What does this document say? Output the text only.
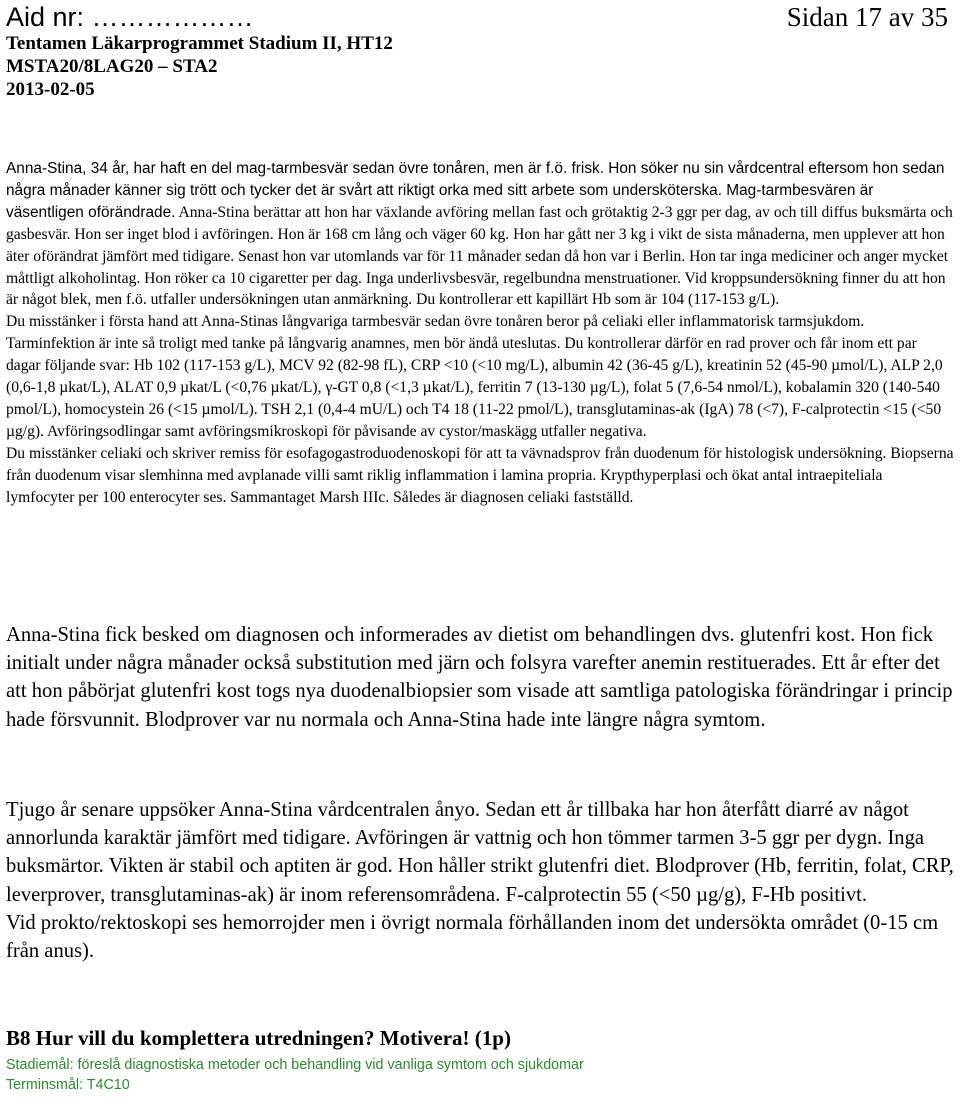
Aid nr: ………………	Sidan 17 av 35
Tentamen Läkarprogrammet Stadium II, HT12
MSTA20/8LAG20 – STA2
2013-02-05

Anna-Stina, 34 år, har haft en del mag-tarmbesvär sedan övre tonåren, men är f.ö. frisk. Hon söker nu sin vårdcentral eftersom hon sedan några månader känner sig trött och tycker det är svårt att riktigt orka med sitt arbete som undersköterska. Mag-tarmbesvären är väsentligen oförändrade. Anna-Stina berättar att hon har växlande avföring mellan fast och grötaktig 2-3 ggr per dag, av och till diffus buksmärta och gasbesvär. Hon ser inget blod i avföringen. Hon är 168 cm lång och väger 60 kg. Hon har gått ner 3 kg i vikt de sista månaderna, men upplever att hon äter oförändrat jämfört med tidigare. Senast hon var utomlands var för 11 månader sedan då hon var i Berlin. Hon tar inga mediciner och anger mycket måttligt alkoholintag. Hon röker ca 10 cigaretter per dag. Inga underlivsbesvär, regelbundna menstruationer. Vid kroppsundersökning finner du att hon är något blek, men f.ö. utfaller undersökningen utan anmärkning. Du kontrollerar ett kapillärt Hb som är 104 (117-153 g/L).

Du misstänker i första hand att Anna-Stinas långvariga tarmbesvär sedan övre tonåren beror på celiaki eller inflammatorisk tarmsjukdom. Tarminfektion är inte så troligt med tanke på långvarig anamnes, men bör ändå uteslutas. Du kontrollerar därför en rad prover och får inom ett par dagar följande svar: Hb 102 (117-153 g/L), MCV 92 (82-98 fL), CRP <10 (<10 mg/L), albumin 42 (36-45 g/L), kreatinin 52 (45-90 µmol/L), ALP 2,0 (0,6-1,8 µkat/L), ALAT 0,9 µkat/L (<0,76 µkat/L), γ-GT 0,8 (<1,3 µkat/L), ferritin 7 (13-130 µg/L), folat 5 (7,6-54 nmol/L), kobalamin 320 (140-540 pmol/L), homocystein 26 (<15 µmol/L). TSH 2,1 (0,4-4 mU/L) och T4 18 (11-22 pmol/L), transglutaminas-ak (IgA) 78 (<7), F-calprotectin <15 (<50 µg/g). Avföringsodlingar samt avföringsmikroskopi för påvisande av cystor/maskägg utfaller negativa.

Du misstänker celiaki och skriver remiss för esofagogastroduodenoskopi för att ta vävnadsprov från duodenum för histologisk undersökning. Biopserna från duodenum visar slemhinna med avplanade villi samt riklig inflammation i lamina propria. Krypthyperplasi och ökat antal intraepiteliala lymfocyter per 100 enterocyter ses. Sammantaget Marsh IIIc. Således är diagnosen celiaki fastställd.

Anna-Stina fick besked om diagnosen och informerades av dietist om behandlingen dvs. glutenfri kost. Hon fick initialt under några månader också substitution med järn och folsyra varefter anemin restituerades. Ett år efter det att hon påbörjat glutenfri kost togs nya duodenalbiopsier som visade att samtliga patologiska förändringar i princip hade försvunnit. Blodprover var nu normala och Anna-Stina hade inte längre några symtom.

Tjugo år senare uppsöker Anna-Stina vårdcentralen ånyo. Sedan ett år tillbaka har hon återfått diarré av något annorlunda karaktär jämfört med tidigare. Avföringen är vattnig och hon tömmer tarmen 3-5 ggr per dygn. Inga buksmärtor. Vikten är stabil och aptiten är god. Hon håller strikt glutenfri diet. Blodprover (Hb, ferritin, folat, CRP, leverprover, transglutaminas-ak) är inom referensområdena. F-calprotectin 55 (<50 µg/g), F-Hb positivt.

Vid prokto/rektoskopi ses hemorrojder men i övrigt normala förhållanden inom det undersökta området (0-15 cm från anus).

B8 Hur vill du komplettera utredningen? Motivera! (1p)
Stadiemål: föreslå diagnostiska metoder och behandling vid vanliga symtom och sjukdomar
Terminsmål: T4C10
